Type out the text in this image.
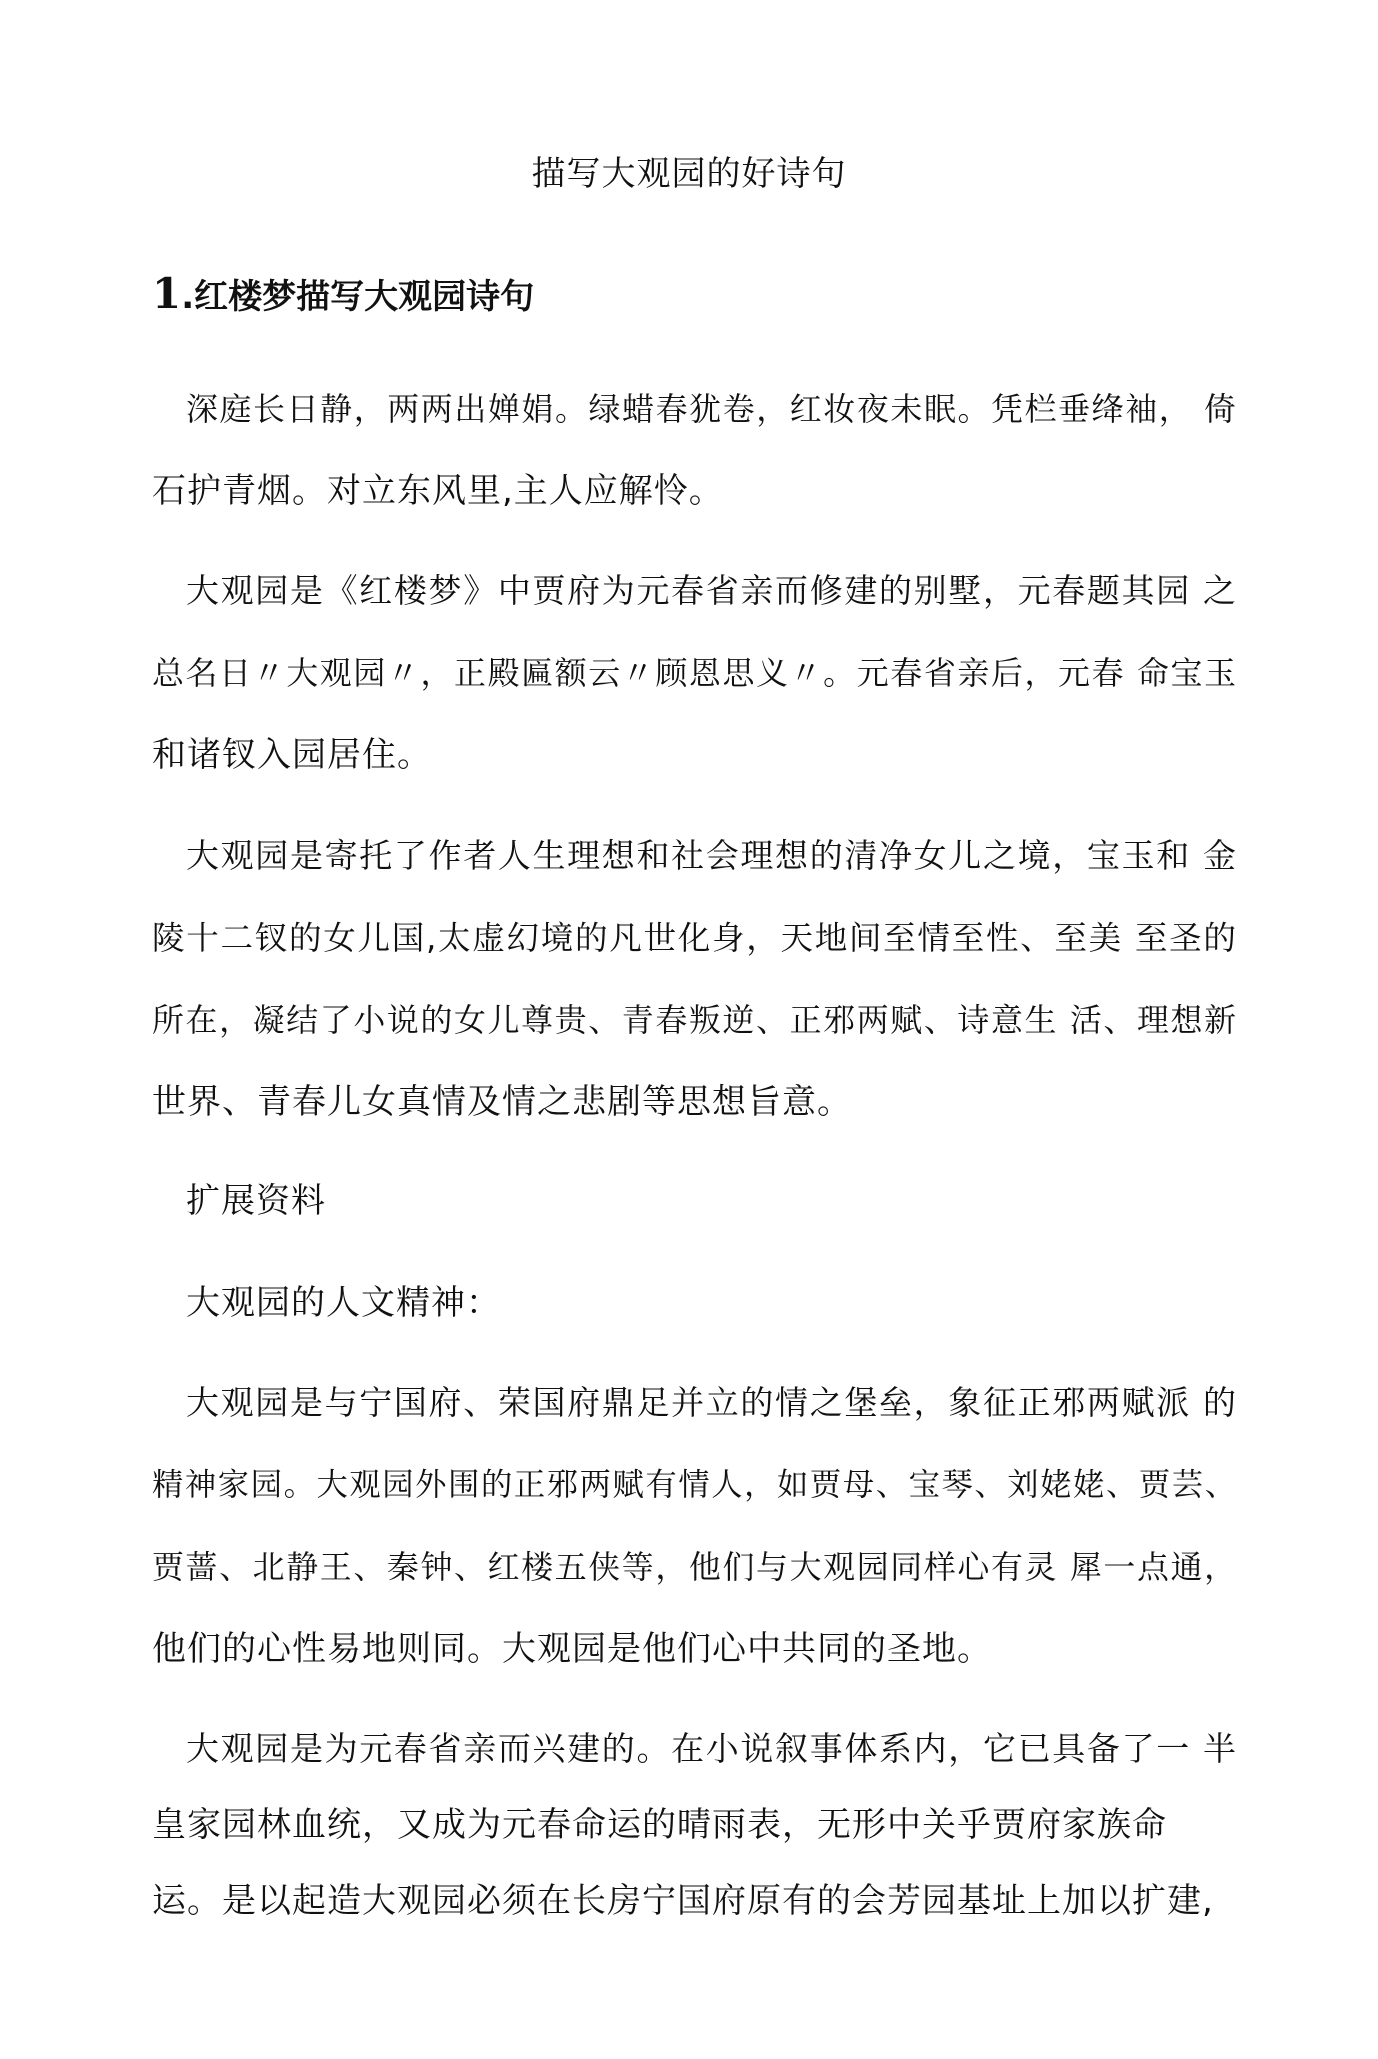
描写大观园的好诗句
1.红楼梦描写大观园诗句
深庭长日静，两两出婵娟。绿蜡春犹卷，红妆夜未眠。凭栏垂绛袖， 倚
石护青烟。对立东风里,主人应解怜。
大观园是《红楼梦》中贾府为元春省亲而修建的别墅，元春题其园 之
总名日〃大观园〃，正殿匾额云〃顾恩思义〃。元春省亲后，元春 命宝玉
和诸钗入园居住。
大观园是寄托了作者人生理想和社会理想的清净女儿之境，宝玉和 金
陵十二钗的女儿国,太虚幻境的凡世化身，天地间至情至性、至美 至圣的
所在，凝结了小说的女儿尊贵、青春叛逆、正邪两赋、诗意生 活、理想新
世界、青春儿女真情及情之悲剧等思想旨意。
扩展资料
大观园的人文精神：
大观园是与宁国府、荣国府鼎足并立的情之堡垒，象征正邪两赋派 的
精神家园。大观园外围的正邪两赋有情人，如贾母、宝琴、刘姥姥、贾芸、
贾蔷、北静王、秦钟、红楼五侠等，他们与大观园同样心有灵 犀一点通，
他们的心性易地则同。大观园是他们心中共同的圣地。
大观园是为元春省亲而兴建的。在小说叙事体系内，它已具备了一 半
皇家园林血统，又成为元春命运的晴雨表，无形中关乎贾府家族命
运。是以起造大观园必须在长房宁国府原有的会芳园基址上加以扩建,
